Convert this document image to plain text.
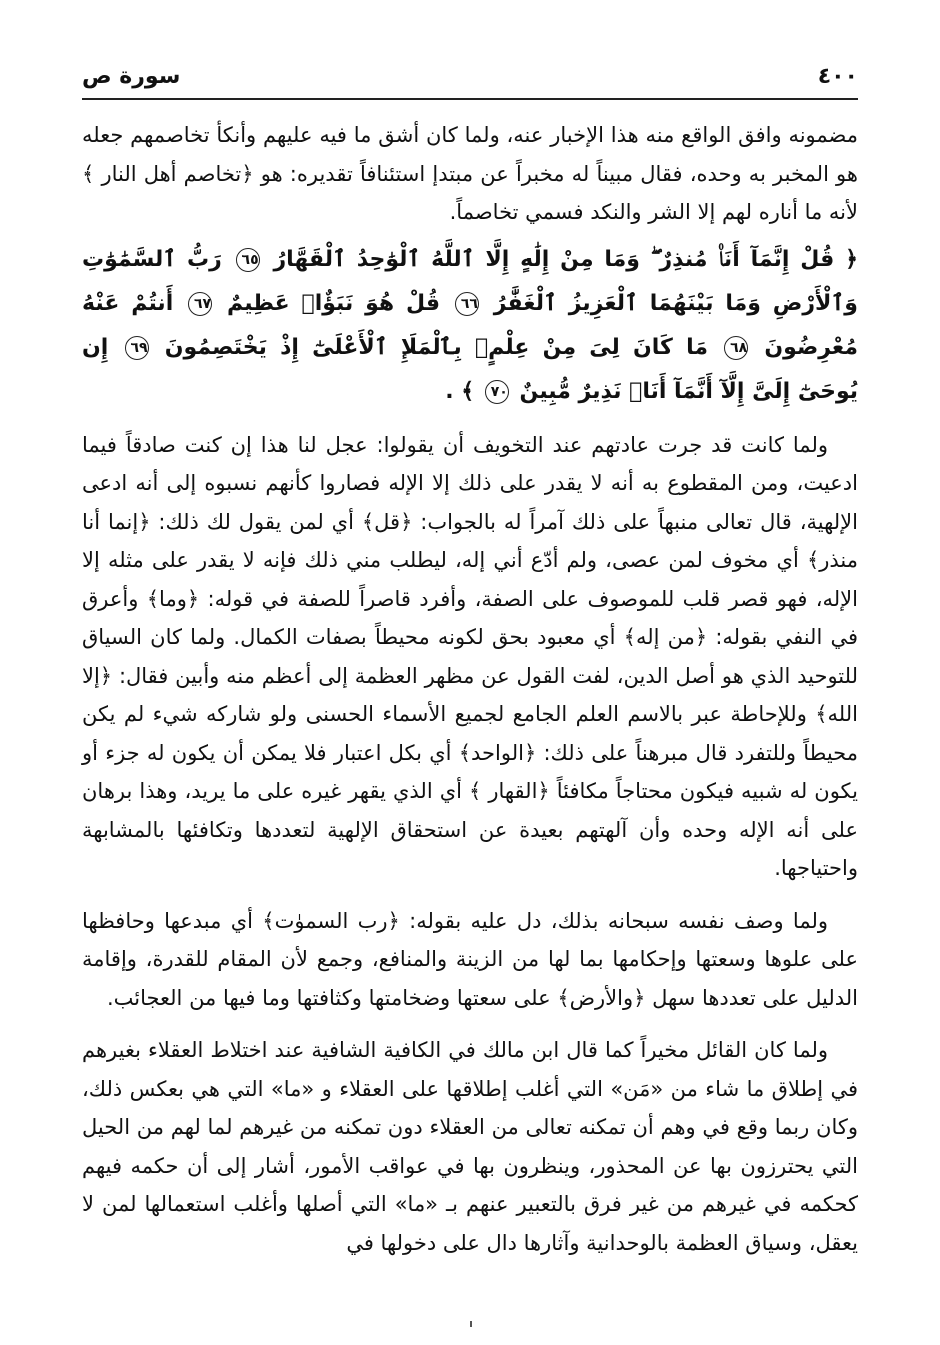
٤٠٠
سورة ص

مضمونه وافق الواقع منه هذا الإخبار عنه، ولما كان أشق ما فيه عليهم وأنكأ تخاصمهم جعله هو المخبر به وحده، فقال مبيناً له مخبراً عن مبتدإ استئنافاً تقديره: هو ﴿تخاصم أهل النار ﴾ لأنه ما أناره لهم إلا الشر والنكد فسمي تخاصماً.

﴿ قُلْ إِنَّمَآ أَنَا۠ مُنذِرٌ ۖ وَمَا مِنْ إِلَٰهٍ إِلَّا ٱللَّهُ ٱلْوَٰحِدُ ٱلْقَهَّارُ ٦٥ رَبُّ ٱلسَّمَٰوَٰتِ وَٱلْأَرْضِ وَمَا بَيْنَهُمَا ٱلْعَزِيزُ ٱلْغَفَّٰرُ ٦٦ قُلْ هُوَ نَبَؤٌا۟ عَظِيمٌ ٦٧ أَنتُمْ عَنْهُ مُعْرِضُونَ ٦٨ مَا كَانَ لِىَ مِنْ عِلْمٍۭ بِٱلْمَلَإِ ٱلْأَعْلَىٰٓ إِذْ يَخْتَصِمُونَ ٦٩ إِن يُوحَىٰٓ إِلَىَّ إِلَّآ أَنَّمَآ أَنَا۠ نَذِيرٌ مُّبِينٌ ٧٠ ﴾ .

ولما كانت قد جرت عادتهم عند التخويف أن يقولوا: عجل لنا هذا إن كنت صادقاً فيما ادعيت، ومن المقطوع به أنه لا يقدر على ذلك إلا الإله فصاروا كأنهم نسبوه إلى أنه ادعى الإلهية، قال تعالى منبهاً على ذلك آمراً له بالجواب: ﴿قل﴾ أي لمن يقول لك ذلك: ﴿إنما أنا منذر﴾ أي مخوف لمن عصى، ولم أدّع أني إله، ليطلب مني ذلك فإنه لا يقدر على مثله إلا الإله، فهو قصر قلب للموصوف على الصفة، وأفرد قاصراً للصفة في قوله: ﴿وما﴾ وأعرق في النفي بقوله: ﴿من إله﴾ أي معبود بحق لكونه محيطاً بصفات الكمال. ولما كان السياق للتوحيد الذي هو أصل الدين، لفت القول عن مظهر العظمة إلى أعظم منه وأبين فقال: ﴿إلا الله﴾ وللإحاطة عبر بالاسم العلم الجامع لجميع الأسماء الحسنى ولو شاركه شيء لم يكن محيطاً وللتفرد قال مبرهناً على ذلك: ﴿الواحد﴾ أي بكل اعتبار فلا يمكن أن يكون له جزء أو يكون له شبيه فيكون محتاجاً مكافئاً ﴿القهار ﴾ أي الذي يقهر غيره على ما يريد، وهذا برهان على أنه الإله وحده وأن آلهتهم بعيدة عن استحقاق الإلهية لتعددها وتكافئها بالمشابهة واحتياجها.

ولما وصف نفسه سبحانه بذلك، دل عليه بقوله: ﴿رب السموٰت﴾ أي مبدعها وحافظها على علوها وسعتها وإحكامها بما لها من الزينة والمنافع، وجمع لأن المقام للقدرة، وإقامة الدليل على تعددها سهل ﴿والأرض﴾ على سعتها وضخامتها وكثافتها وما فيها من العجائب.

ولما كان القائل مخيراً كما قال ابن مالك في الكافية الشافية عند اختلاط العقلاء بغيرهم في إطلاق ما شاء من «مَن» التي أغلب إطلاقها على العقلاء و «ما» التي هي بعكس ذلك، وكان ربما وقع في وهم أن تمكنه تعالى من العقلاء دون تمكنه من غيرهم لما لهم من الحيل التي يحترزون بها عن المحذور، وينظرون بها في عواقب الأمور، أشار إلى أن حكمه فيهم كحكمه في غيرهم من غير فرق بالتعبير عنهم بـ «ما» التي أصلها وأغلب استعمالها لمن لا يعقل، وسياق العظمة بالوحدانية وآثارها دال على دخولها في
